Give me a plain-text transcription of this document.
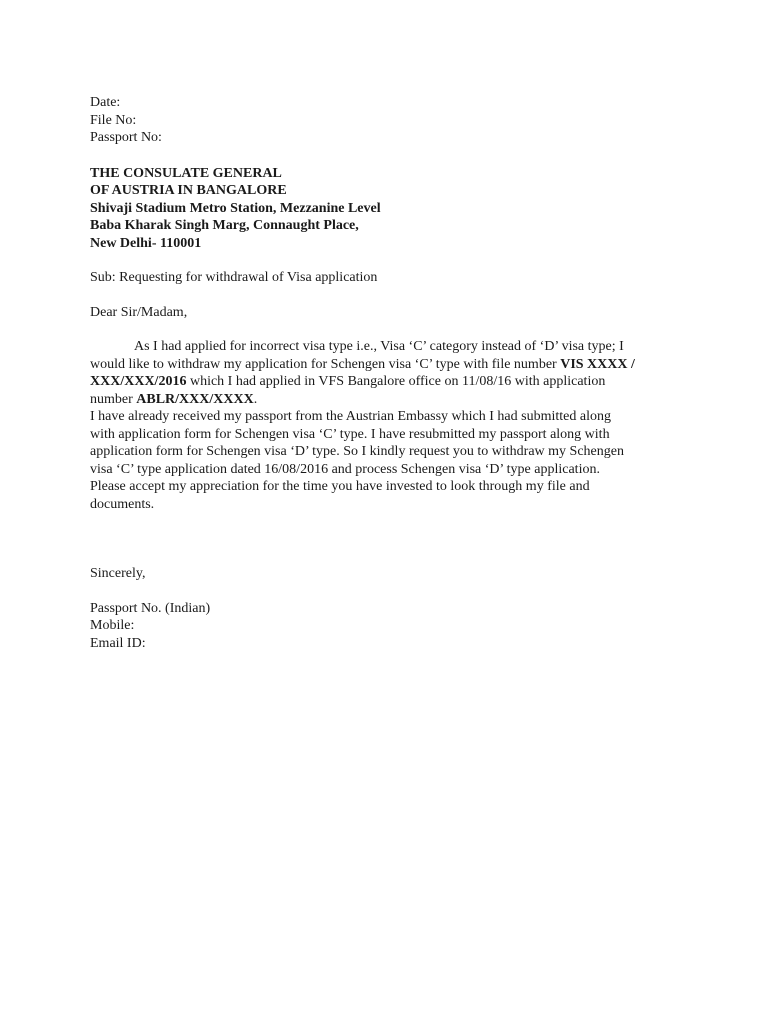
Date:
File No:
Passport No:
THE CONSULATE GENERAL
OF AUSTRIA IN BANGALORE
Shivaji Stadium Metro Station, Mezzanine Level
Baba Kharak Singh Marg, Connaught Place,
New Delhi- 110001
Sub: Requesting for withdrawal of Visa application
Dear Sir/Madam,
As I had applied for incorrect visa type i.e., Visa ‘C’ category instead of ‘D’ visa type; I
would like to withdraw my application for Schengen visa ‘C’ type with file number VIS XXXX /
XXX/XXX/2016 which I had applied in VFS Bangalore office on 11/08/16 with application
number ABLR/XXX/XXXX.
I have already received my passport from the Austrian Embassy which I had submitted along
with application form for Schengen visa ‘C’ type. I have resubmitted my passport along with
application form for Schengen visa ‘D’ type. So I kindly request you to withdraw my Schengen
visa ‘C’ type application dated 16/08/2016 and process Schengen visa ‘D’ type application.
Please accept my appreciation for the time you have invested to look through my file and
documents.
Sincerely,
Passport No. (Indian)
Mobile:
Email ID:
